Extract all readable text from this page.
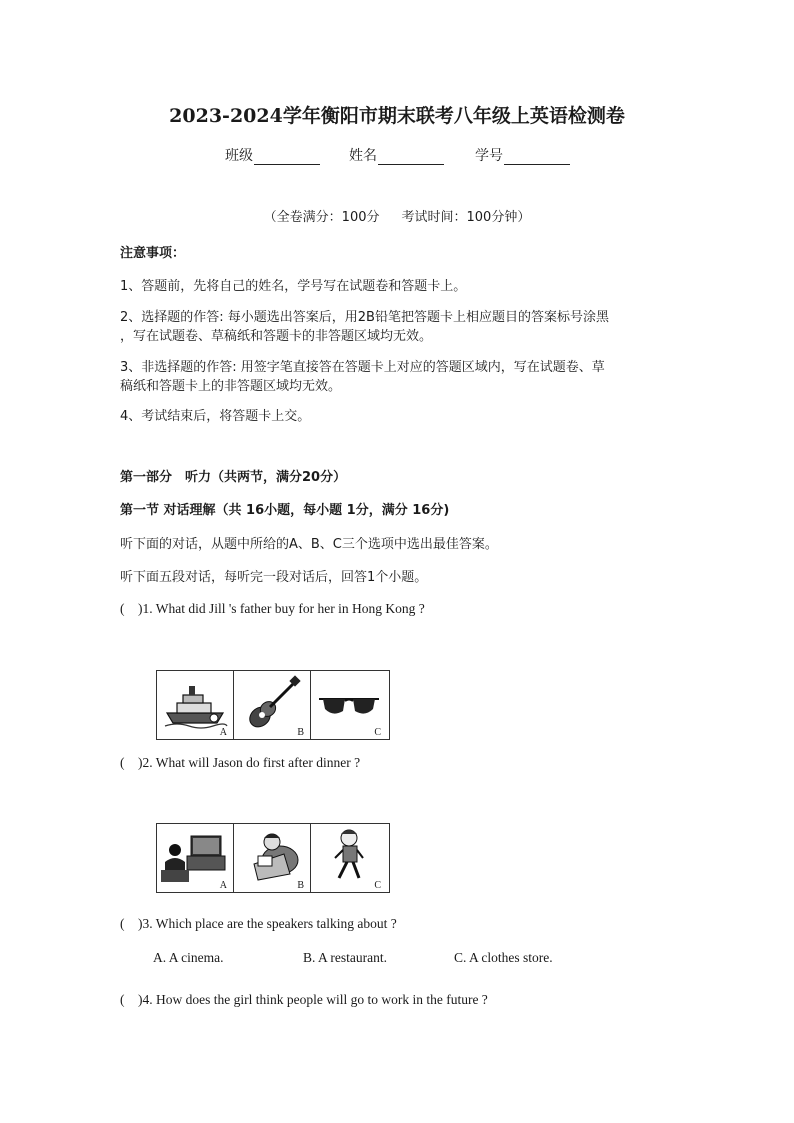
2023-2024学年衡阳市期末联考八年级上英语检测卷
班级	姓名	学号
（全卷满分：100分 考试时间：100分钟）
注意事项：
1、答题前，先将自己的姓名，学号写在试题卷和答题卡上。
2、选择题的作答: 每小题选出答案后，用2B铅笔把答题卡上相应题目的答案标号涂黑
，写在试题卷、草稿纸和答题卡的非答题区域均无效。
3、非选择题的作答: 用签字笔直接答在答题卡上对应的答题区域内，写在试题卷、草
稿纸和答题卡上的非答题区域均无效。
4、考试结束后，将答题卡上交。
第一部分　听力（共两节，满分20分）
第一节 对话理解（共 16小题，每小题 1分，满分 16分)
听下面的对话，从题中所给的A、B、C三个选项中选出最佳答案。
听下面五段对话，每听完一段对话后，回答1个小题。
(　)1. What did Jill 's father buy for her in Hong Kong ?
A	B	C
(　)2. What will Jason do first after dinner ?
A	B	C
(　)3. Which place are the speakers talking about ?
A. A cinema.	B. A restaurant.	C. A clothes store.
(　)4. How does the girl think people will go to work in the future ?
